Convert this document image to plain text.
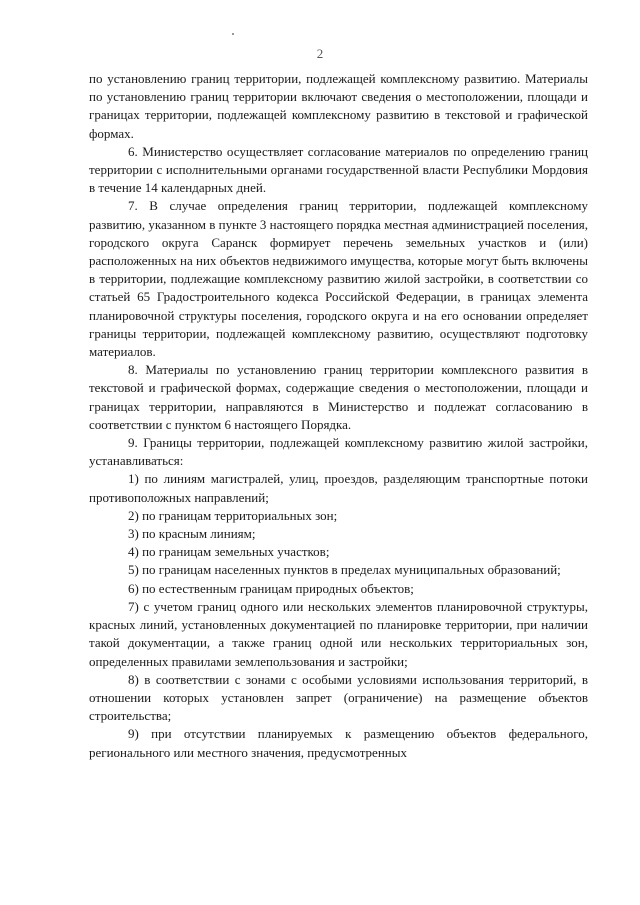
2

по установлению границ территории, подлежащей комплексному развитию. Материалы по установлению границ территории включают сведения о местоположении, площади и границах территории, подлежащей комплексному развитию в текстовой и графической формах.

6. Министерство осуществляет согласование материалов по определению границ территории с исполнительными органами государственной власти Республики Мордовия в течение 14 календарных дней.

7. В случае определения границ территории, подлежащей комплексному развитию, указанном в пункте 3 настоящего порядка местная администрацией поселения, городского округа Саранск формирует перечень земельных участков и (или) расположенных на них объектов недвижимого имущества, которые могут быть включены в территории, подлежащие комплексному развитию жилой застройки, в соответствии со статьей 65 Градостроительного кодекса Российской Федерации, в границах элемента планировочной структуры поселения, городского округа и на его основании определяет границы территории, подлежащей комплексному развитию, осуществляют подготовку материалов.

8. Материалы по установлению границ территории комплексного развития в текстовой и графической формах, содержащие сведения о местоположении, площади и границах территории, направляются в Министерство и подлежат согласованию в соответствии с пунктом 6 настоящего Порядка.

9. Границы территории, подлежащей комплексному развитию жилой застройки, устанавливаться:

1) по линиям магистралей, улиц, проездов, разделяющим транспортные потоки противоположных направлений;

2) по границам территориальных зон;

3) по красным линиям;

4) по границам земельных участков;

5) по границам населенных пунктов в пределах муниципальных образований;

6) по естественным границам природных объектов;

7) с учетом границ одного или нескольких элементов планировочной структуры, красных линий, установленных документацией по планировке территории, при наличии такой документации, а также границ одной или нескольких территориальных зон, определенных правилами землепользования и застройки;

8) в соответствии с зонами с особыми условиями использования территорий, в отношении которых установлен запрет (ограничение) на размещение объектов строительства;

9) при отсутствии планируемых к размещению объектов федерального, регионального или местного значения, предусмотренных
